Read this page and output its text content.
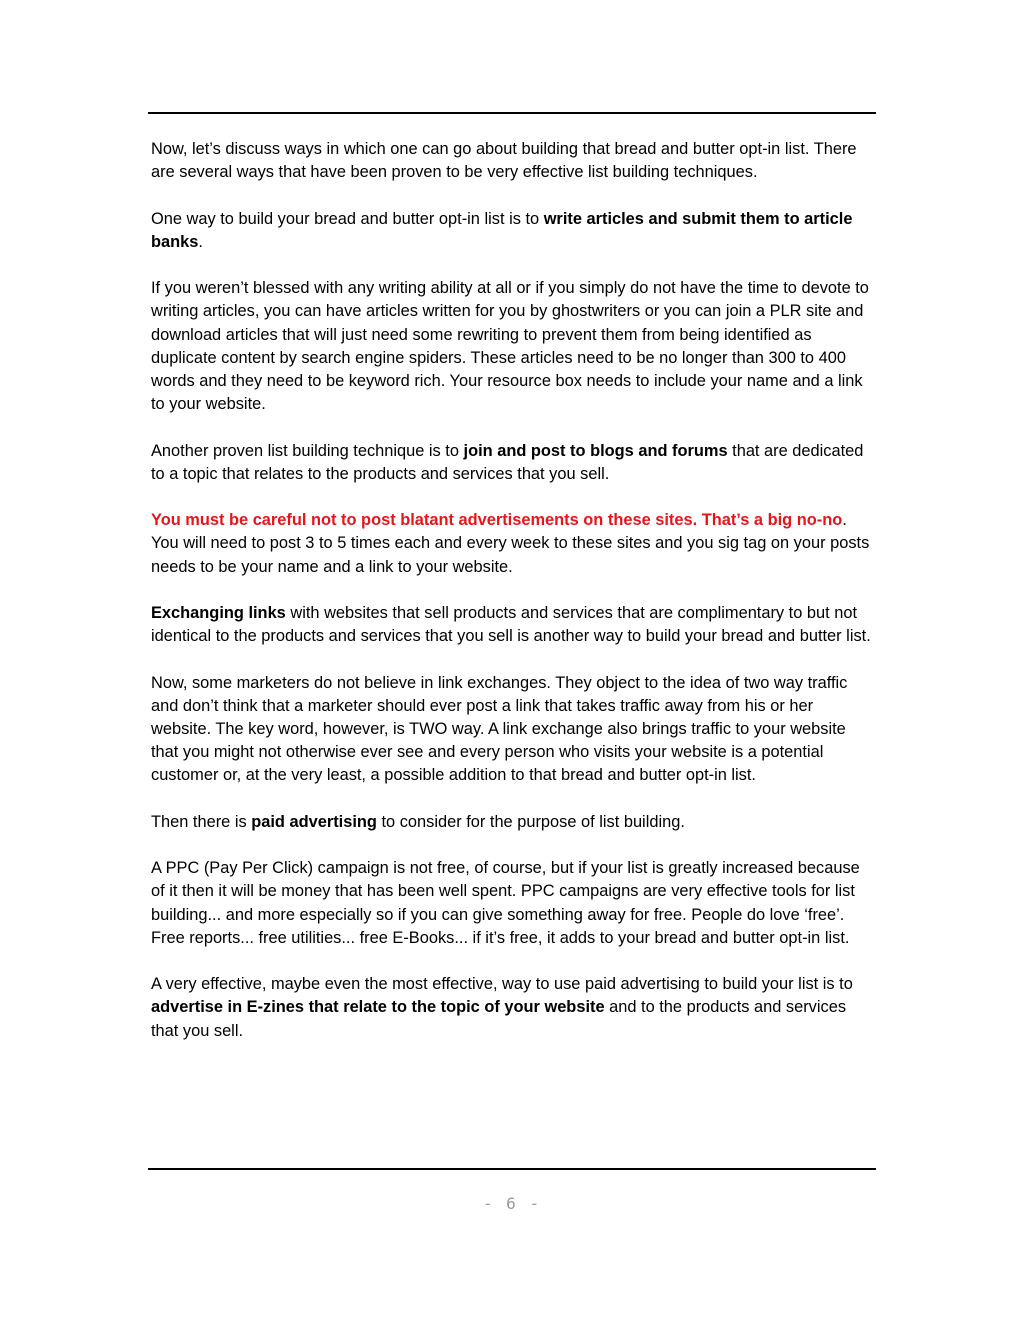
Now, let’s discuss ways in which one can go about building that bread and butter opt-in list. There are several ways that have been proven to be very effective list building techniques.

One way to build your bread and butter opt-in list is to write articles and submit them to article banks.

If you weren’t blessed with any writing ability at all or if you simply do not have the time to devote to writing articles, you can have articles written for you by ghostwriters or you can join a PLR site and download articles that will just need some rewriting to prevent them from being identified as duplicate content by search engine spiders. These articles need to be no longer than 300 to 400 words and they need to be keyword rich. Your resource box needs to include your name and a link to your website.

Another proven list building technique is to join and post to blogs and forums that are dedicated to a topic that relates to the products and services that you sell.

You must be careful not to post blatant advertisements on these sites. That’s a big no-no. You will need to post 3 to 5 times each and every week to these sites and you sig tag on your posts needs to be your name and a link to your website.

Exchanging links with websites that sell products and services that are complimentary to but not identical to the products and services that you sell is another way to build your bread and butter list.

Now, some marketers do not believe in link exchanges. They object to the idea of two way traffic and don’t think that a marketer should ever post a link that takes traffic away from his or her website. The key word, however, is TWO way. A link exchange also brings traffic to your website that you might not otherwise ever see and every person who visits your website is a potential customer or, at the very least, a possible addition to that bread and butter opt-in list.

Then there is paid advertising to consider for the purpose of list building.

A PPC (Pay Per Click) campaign is not free, of course, but if your list is greatly increased because of it then it will be money that has been well spent. PPC campaigns are very effective tools for list building... and more especially so if you can give something away for free. People do love ‘free’. Free reports... free utilities... free E-Books... if it’s free, it adds to your bread and butter opt-in list.

A very effective, maybe even the most effective, way to use paid advertising to build your list is to advertise in E-zines that relate to the topic of your website and to the products and services that you sell.

- 6 -
